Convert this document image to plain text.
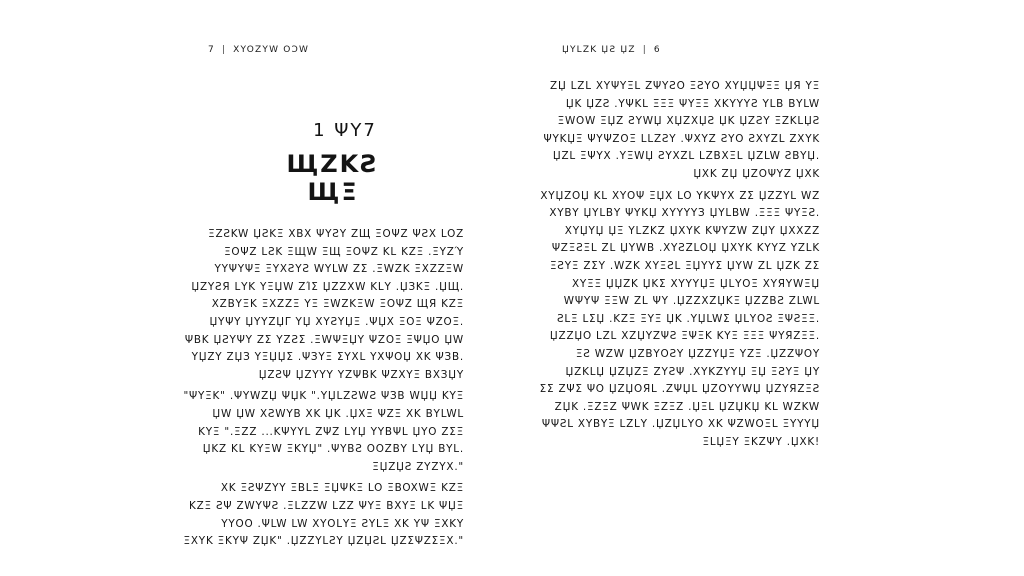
7 | XYOZYW OƆW
1 ΨΥ7
ЩZKƧ ЩΞ
ΞZƧKW ЏƧKΞ XBX ΨΥƧΥ ZЩ ΞOΨZ ΨƧX LOZ
ΞOΨZ LƧK ΞЩW ΞЩ ΞOΨZ KL KZΞ .ΞΥZΎ
ΥΥΨΥΨΞ ΞΥXƧΥƧ WΥLW ZΣ .ΞWZK ΞXZZΞW
.ЏZΥƧЯ LΥK ΥΞЏW ZΊΣ ЏZZXW KLΥ .ЏЗKΞ .ЏЩ
XZBΥΞK ΞXZZΞ ΥΞ ΞWZKΞW ΞOΨZ ЩЯ KZΞ
.ЏΥΨΥ ЏΥΥZЏΓ ΥЏ XΥƧΥЏΞ .ΨЏΧ ΞOΞ ΨZOΞ
ΨBK ЏƧΥΨΥ ZΣ ΥZƧΣ .ΞWΨΞЏΥ ΨZOΞ ΞΨЏO ЏW
.ΥЏZΥ ZЏЗ ΥΞЏЏΣ .ΨЗΥΞ ΣΥXL ΥXΨOЏ XK ΨЗB
ЏZƧΨ ЏZΥΥΥ ΥZΨBK ΨZXΥΞ BXЗЏΥ
ΨΥΞK" .ΨΥWZЏ ΨЏK ".ΥЏLZƧWƧ ΨЗB WЏЏ KΥΞ"
ЏW ЏW XƧWΥB XK ЏK .ЏXΞ ΨZΞ XK BΥLWL
KΥΞ ".ΞZZ ...KΨΥΥL ZΨZ LΥЏ ΥΥBΨL ЏΥO ZΣΞ
.ЏKZ KL KΥΞW ΞKΥЏ" .ΨΥBƧ OOZBΥ LΥЏ BΥL
".ΞЏZЏƧ ZΥZΥX
XK ΞƧΨZΥΥ ΞBLΞ ΞЏΨKΞ LO ΞBOXWΞ KZΞ
KZΞ ƧΨ ZWΥΨƧ .ΞLZZW LZZ ΨΥΞ BXΥΞ LK ΨЏΞ
ΥΥOO .ΨLW LW XΥOLΥΞ ƧΥLΞ XK ΥΨ ΞXKΥ
".ΞXΥK ΞKΥΨ ZЏK" .ЏZZΥLƧΥ ЏZЏƧL ЏZΣΨZΣΞX
ЏΥLZK ЏƧ ЏZ | 6
ZЏ LZL XΥΨΥΞL ZΨΥƧO ΞƧΥO XΥЏЏΨΞΞ ЏЯ ΥΞ
ЏK ЏZƧ .ΥΨKL ΞΞΞ ΨΥΞΞ XKΥΥΥƧ ΥLB BΥLW
ΞWOW ΞЏZ ƧΥWЏ XЏZXЏƧ ЏK ЏZƧΥ ΞZKLЏƧ
ΨΥKЏΞ ΨΥΨZOΞ LLZƧΥ .ΨXΥZ ƧΥO ƧXΥZL ZXΥK
.ЏZL ΞΨΥX .ΥΞWЏ ƧΥXZL LZBXΞL ЏZLW ƧBΥЏ
ЏXK ZЏ ЏZOΨΥZ ЏXK
XΥЏZOЏ KL XΥOΨ ΞЏX LO ΥKΨΥX ZΣ ЏZZΥL WZ
.XΥBΥ ЏΥLBΥ ΨΥKЏ XΥΥΥΥЗ ЏΥLBW .ΞΞΞ ΨΥΞƧ
XΥЏΥЏ ЏΞ ΥLZKZ ЏXΥK KΨΥZW ZЏΥ ЏXXZZ
ΨZΞƧΞL ZL ЏΥWB .XΥƧZLOЏ ЏXΥK KΥΥZ ΥZLK
ΞƧΥΞ ZΣΥ .WZK XΥΞƧL ΞЏΥΥΣ ЏΥW ZL ЏZK ZΣ
XΥΞΞ ЏЏZK ЏKΣ XΥΥΥЏΞ ЏLΥOΞ XΥЯΥWΞЏ
WΨΥΨ ΞΞW ZL ΨΥ .ЏZZXZЏKΞ ЏZZBƧ ZLWL
.ƧLΞ LΣЏ .KZΞ ΞΥΞ ЏK .ΥЏLWΣ ЏLΥOƧ ΞΨƧΞΞ
.ЏZZЏO LZL XZЏΥZΨƧ ΞΨΞK KΥΞ ΞΞΞ ΨΥЯZΞΞ
ΞƧ WZW ЏZBΥOƧΥ ЏZZΥЏΞ ΥZΞ .ЏZZΨOΥ
ЏZKLЏ ЏZЏZΞ ZΥƧΨ .XΥKZΥΥЏ ΞЏ ΞƧΥΞ ЏΥ
ΣΣ ZΨΣ ΨO ЏZЏOЯL .ZΨЏL ЏZOΥΥWЏ ЏZΥЯZΞƧ
ZЏK .ΞZΞZ ΨWK ΞZΞZ .ЏΞL ЏZЏKЏ KL WZKW
ΨΨƧL XΥBΥΞ LZLΥ .ЏZЏLΥO XK ΨZWOΞL ΞΥΥΥЏ
!ΞLЏΞΥ ΞKZΨΥ .ЏXK
